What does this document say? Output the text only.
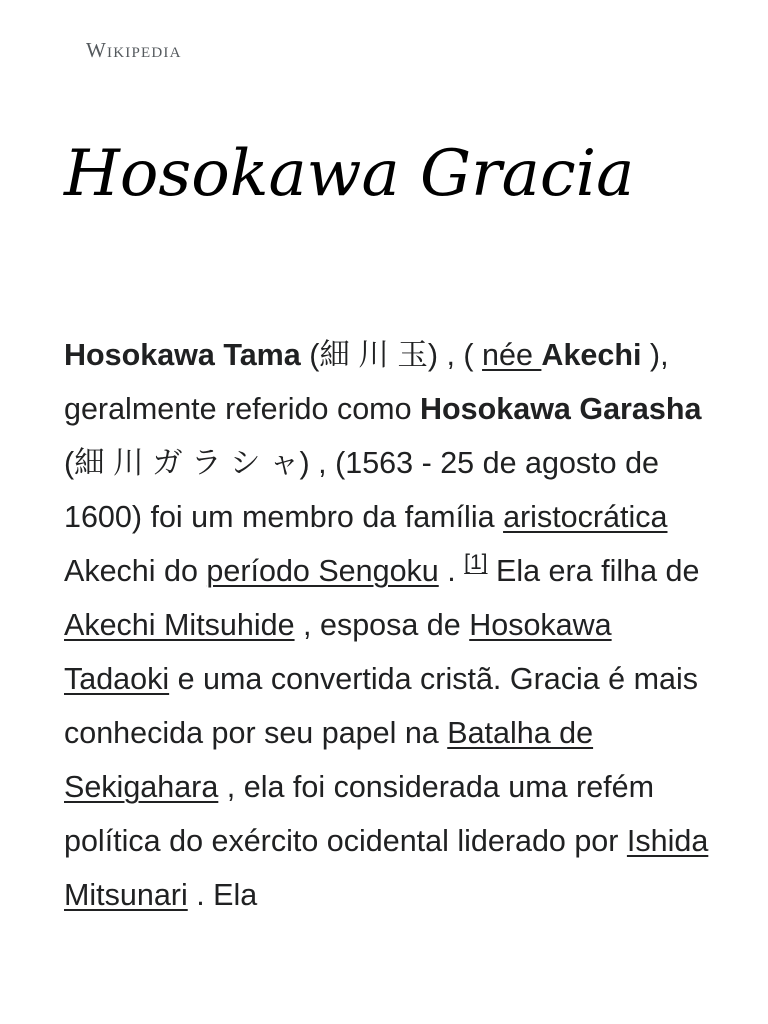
Wikipedia
Hosokawa Gracia

Hosokawa Tama (細 川 玉) , ( née Akechi ), geralmente referido como Hosokawa Garasha (細 川 ガ ラ シ ャ) , (1563 - 25 de agosto de 1600) foi um membro da família aristocrática Akechi do período Sengoku . [1] Ela era filha de Akechi Mitsuhide , esposa de Hosokawa Tadaoki e uma convertida cristã. Gracia é mais conhecida por seu papel na Batalha de Sekigahara , ela foi considerada uma refém política do exército ocidental liderado por Ishida Mitsunari . Ela
